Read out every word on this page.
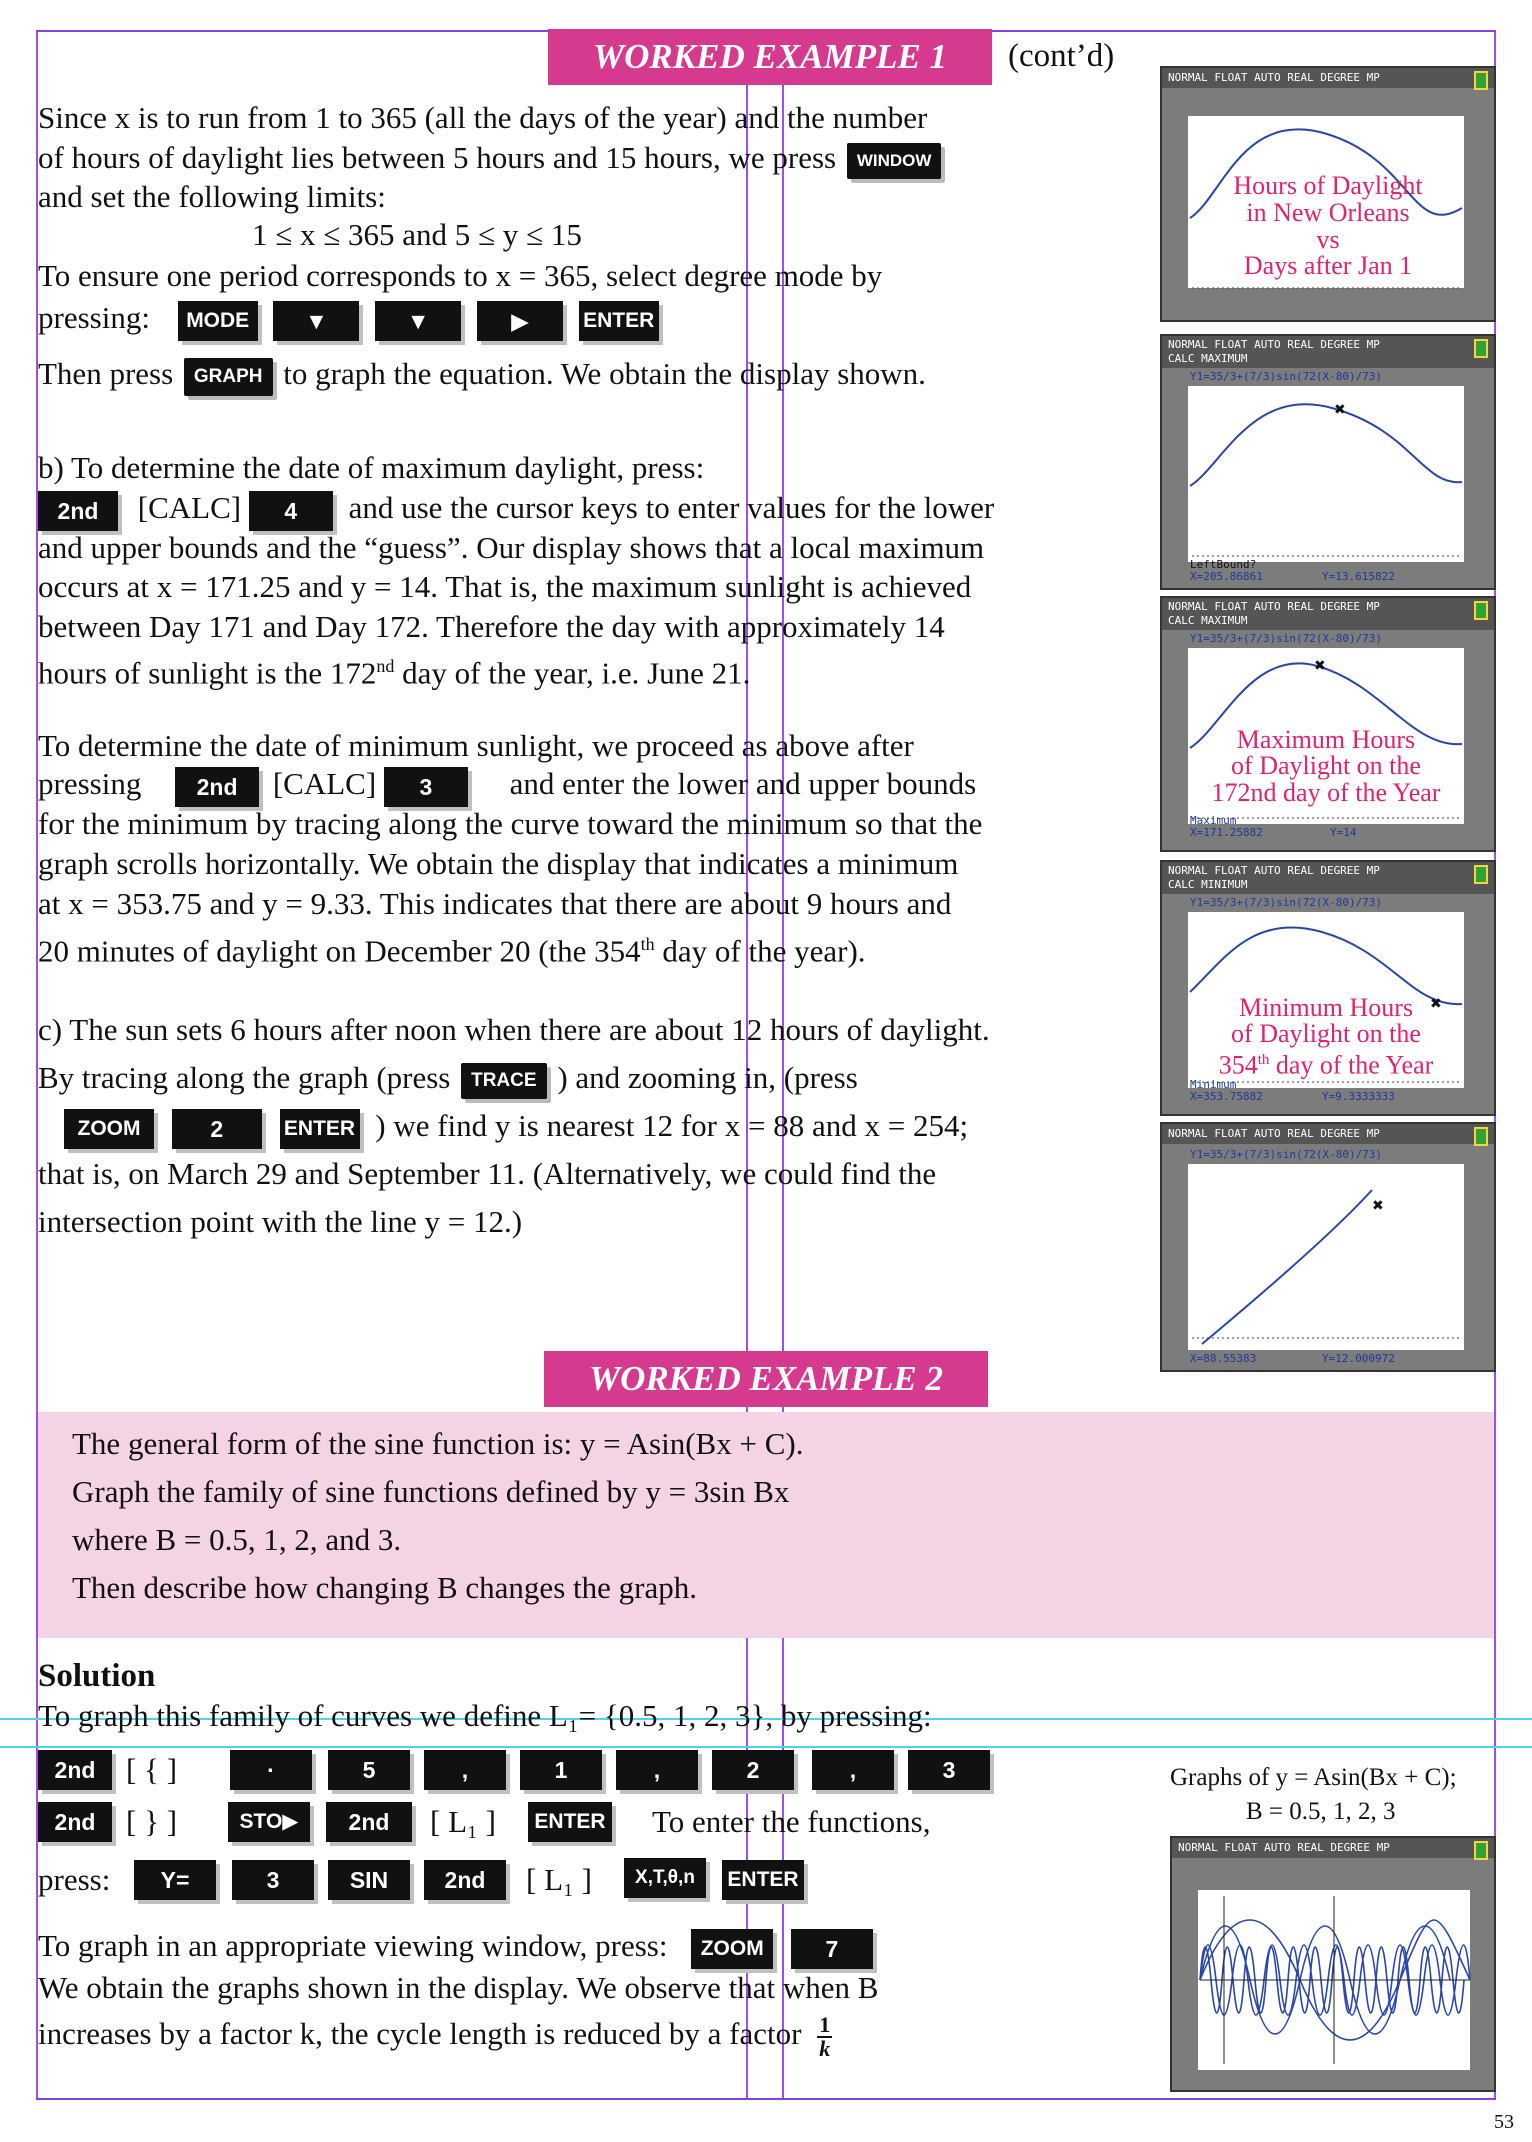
WORKED EXAMPLE 1	(cont’d)
Since x is to run from 1 to 365 (all the days of the year) and the number
of hours of daylight lies between 5 hours and 15 hours, we press WINDOW
and set the following limits:
1 ≤ x ≤ 365 and 5 ≤ y ≤ 15
To ensure one period corresponds to x = 365, select degree mode by
pressing: MODE ▼	▼	▶	ENTER
Then press GRAPH to graph the equation. We obtain the display shown.
b) To determine the date of maximum daylight, press:
2nd [CALC] 4 and use the cursor keys to enter values for the lower
and upper bounds and the “guess”. Our display shows that a local maximum
occurs at x = 171.25 and y = 14. That is, the maximum sunlight is achieved
between Day 171 and Day 172. Therefore the day with approximately 14
hours of sunlight is the 172nd day of the year, i.e. June 21.
To determine the date of minimum sunlight, we proceed as above after
pressing 2nd [CALC] 3 and enter the lower and upper bounds
for the minimum by tracing along the curve toward the minimum so that the
graph scrolls horizontally. We obtain the display that indicates a minimum
at x = 353.75 and y = 9.33. This indicates that there are about 9 hours and
20 minutes of daylight on December 20 (the 354th day of the year).
c) The sun sets 6 hours after noon when there are about 12 hours of daylight.
By tracing along the graph (press TRACE ) and zooming in, (press
ZOOM	2	ENTER ) we find y is nearest 12 for x = 88 and x = 254;
that is, on March 29 and September 11. (Alternatively, we could find the
intersection point with the line y = 12.)
NORMAL FLOAT AUTO REAL DEGREE MP
Hours of Daylight
in New Orleans
vs
Days after Jan 1
NORMAL FLOAT AUTO REAL DEGREE MP
CALC MAXIMUM
Y1=35/3+(7/3)sin(72(X-80)/73)
✖
LeftBound?
X=205.86861	Y=13.615822
NORMAL FLOAT AUTO REAL DEGREE MP
CALC MAXIMUM
Y1=35/3+(7/3)sin(72(X-80)/73)
✖
Maximum Hours
of Daylight on the
172nd day of the Year
Maximum
X=171.25882	Y=14
NORMAL FLOAT AUTO REAL DEGREE MP
CALC MINIMUM
Y1=35/3+(7/3)sin(72(X-80)/73)
✖
Minimum Hours
of Daylight on the
354th day of the Year
Minimum
X=353.75882	Y=9.3333333
NORMAL FLOAT AUTO REAL DEGREE MP
Y1=35/3+(7/3)sin(72(X-80)/73)
✖
X=88.55383	Y=12.000972
WORKED EXAMPLE 2
The general form of the sine function is: y = Asin(Bx + C).
Graph the family of sine functions defined by y = 3sin Bx
where B = 0.5, 1, 2, and 3.
Then describe how changing B changes the graph.
Solution
To graph this family of curves we define L₁= {0.5, 1, 2, 3}, by pressing:
2nd [ { ]	·	5	,	1	,	2	,	3
2nd [ } ]	STO▶	2nd	[ L₁ ]	ENTER To enter the functions,
press:	Y=	3	SIN	2nd	[ L₁ ]	X,T,θ,n	ENTER
To graph in an appropriate viewing window, press: ZOOM	7
We obtain the graphs shown in the display. We observe that when B
increases by a factor k, the cycle length is reduced by a factor $\frac{1}{k}$
Graphs of y = Asin(Bx + C);
B = 0.5, 1, 2, 3
NORMAL FLOAT AUTO REAL DEGREE MP
53
